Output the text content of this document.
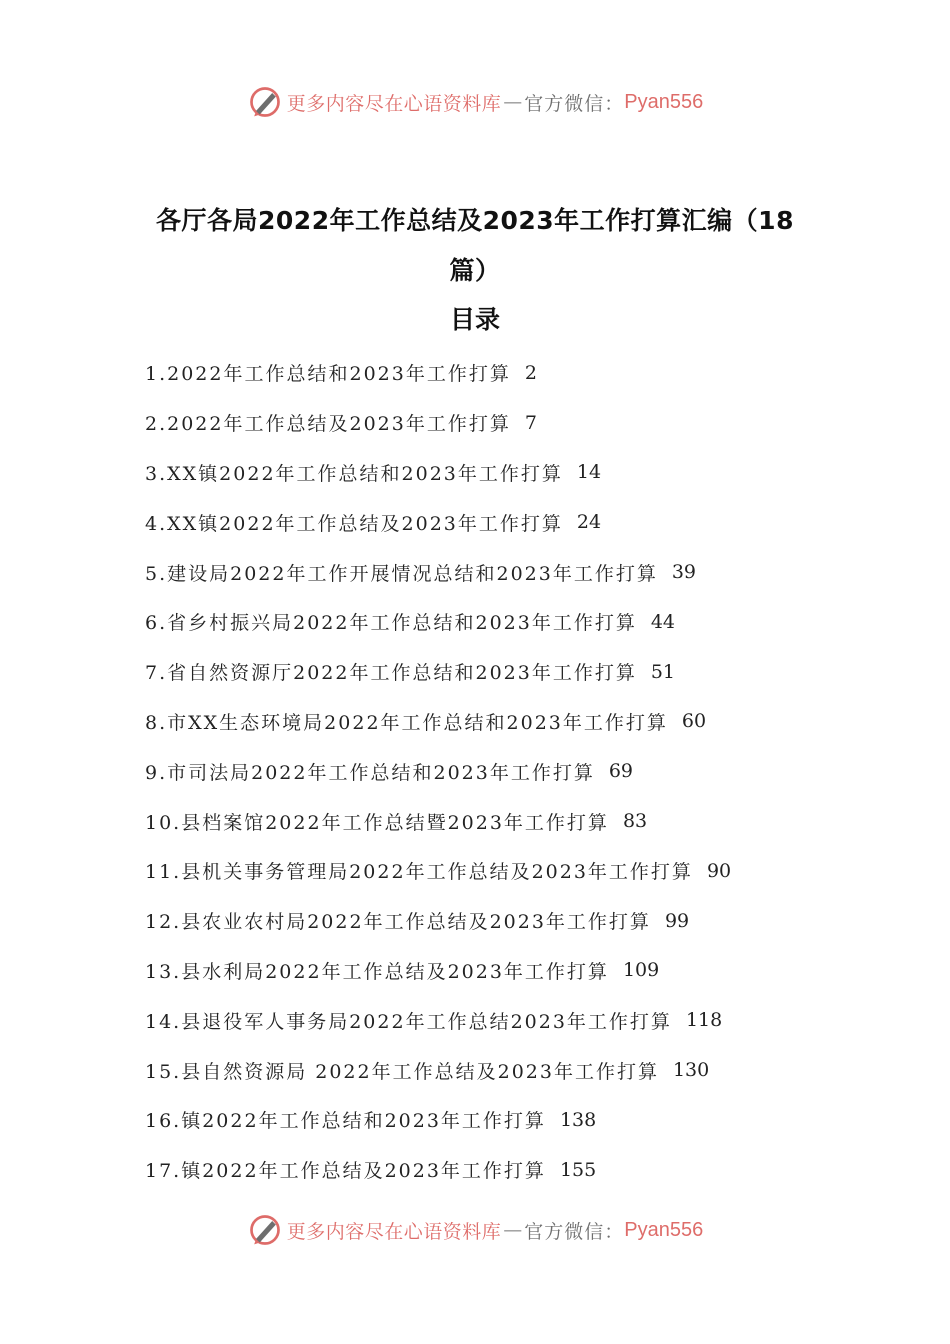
更多内容尽在心语资料库 — 官方微信： Pyan556
各厅各局2022年工作总结及2023年工作打算汇编（18篇）
目录
1.2022年工作总结和2023年工作打算 2
2.2022年工作总结及2023年工作打算 7
3.XX镇2022年工作总结和2023年工作打算 14
4.XX镇2022年工作总结及2023年工作打算 24
5.建设局2022年工作开展情况总结和2023年工作打算 39
6.省乡村振兴局2022年工作总结和2023年工作打算 44
7.省自然资源厅2022年工作总结和2023年工作打算 51
8.市XX生态环境局2022年工作总结和2023年工作打算 60
9.市司法局2022年工作总结和2023年工作打算 69
10.县档案馆2022年工作总结暨2023年工作打算 83
11.县机关事务管理局2022年工作总结及2023年工作打算 90
12.县农业农村局2022年工作总结及2023年工作打算 99
13.县水利局2022年工作总结及2023年工作打算 109
14.县退役军人事务局2022年工作总结2023年工作打算 118
15.县自然资源局 2022年工作总结及2023年工作打算 130
16.镇2022年工作总结和2023年工作打算 138
17.镇2022年工作总结及2023年工作打算 155
更多内容尽在心语资料库 — 官方微信： Pyan556
